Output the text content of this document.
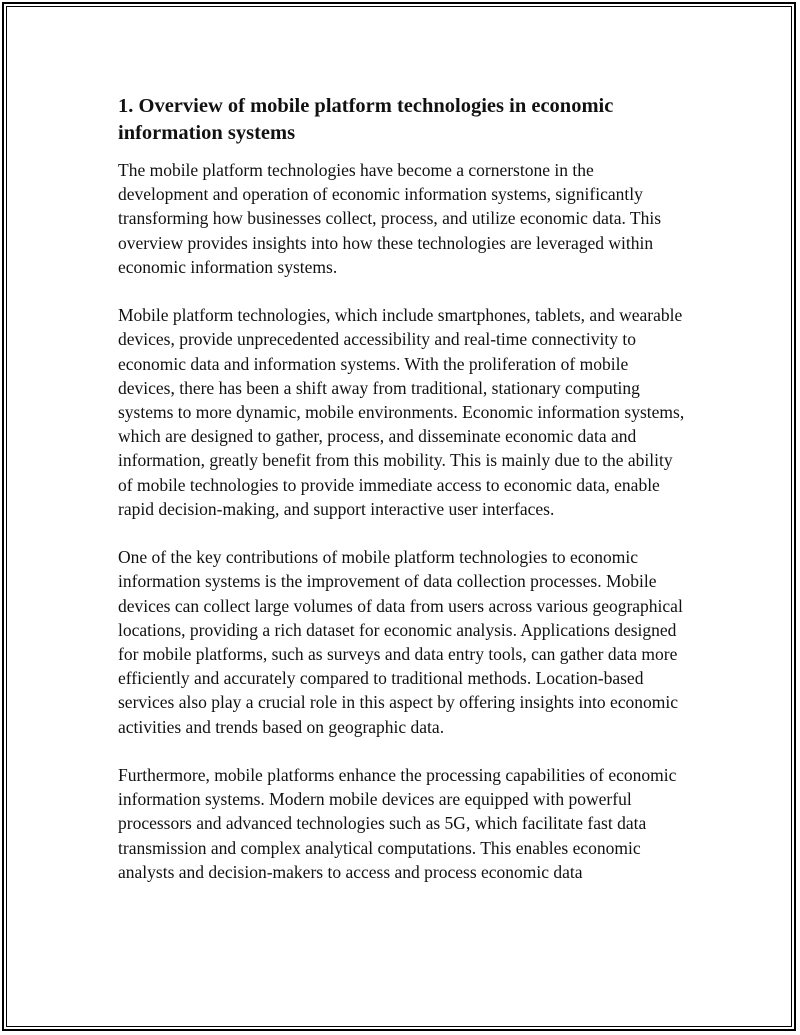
1. Overview of mobile platform technologies in economic information systems

The mobile platform technologies have become a cornerstone in the development and operation of economic information systems, significantly transforming how businesses collect, process, and utilize economic data. This overview provides insights into how these technologies are leveraged within economic information systems.

Mobile platform technologies, which include smartphones, tablets, and wearable devices, provide unprecedented accessibility and real-time connectivity to economic data and information systems. With the proliferation of mobile devices, there has been a shift away from traditional, stationary computing systems to more dynamic, mobile environments. Economic information systems, which are designed to gather, process, and disseminate economic data and information, greatly benefit from this mobility. This is mainly due to the ability of mobile technologies to provide immediate access to economic data, enable rapid decision-making, and support interactive user interfaces.

One of the key contributions of mobile platform technologies to economic information systems is the improvement of data collection processes. Mobile devices can collect large volumes of data from users across various geographical locations, providing a rich dataset for economic analysis. Applications designed for mobile platforms, such as surveys and data entry tools, can gather data more efficiently and accurately compared to traditional methods. Location-based services also play a crucial role in this aspect by offering insights into economic activities and trends based on geographic data.

Furthermore, mobile platforms enhance the processing capabilities of economic information systems. Modern mobile devices are equipped with powerful processors and advanced technologies such as 5G, which facilitate fast data transmission and complex analytical computations. This enables economic analysts and decision-makers to access and process economic data
